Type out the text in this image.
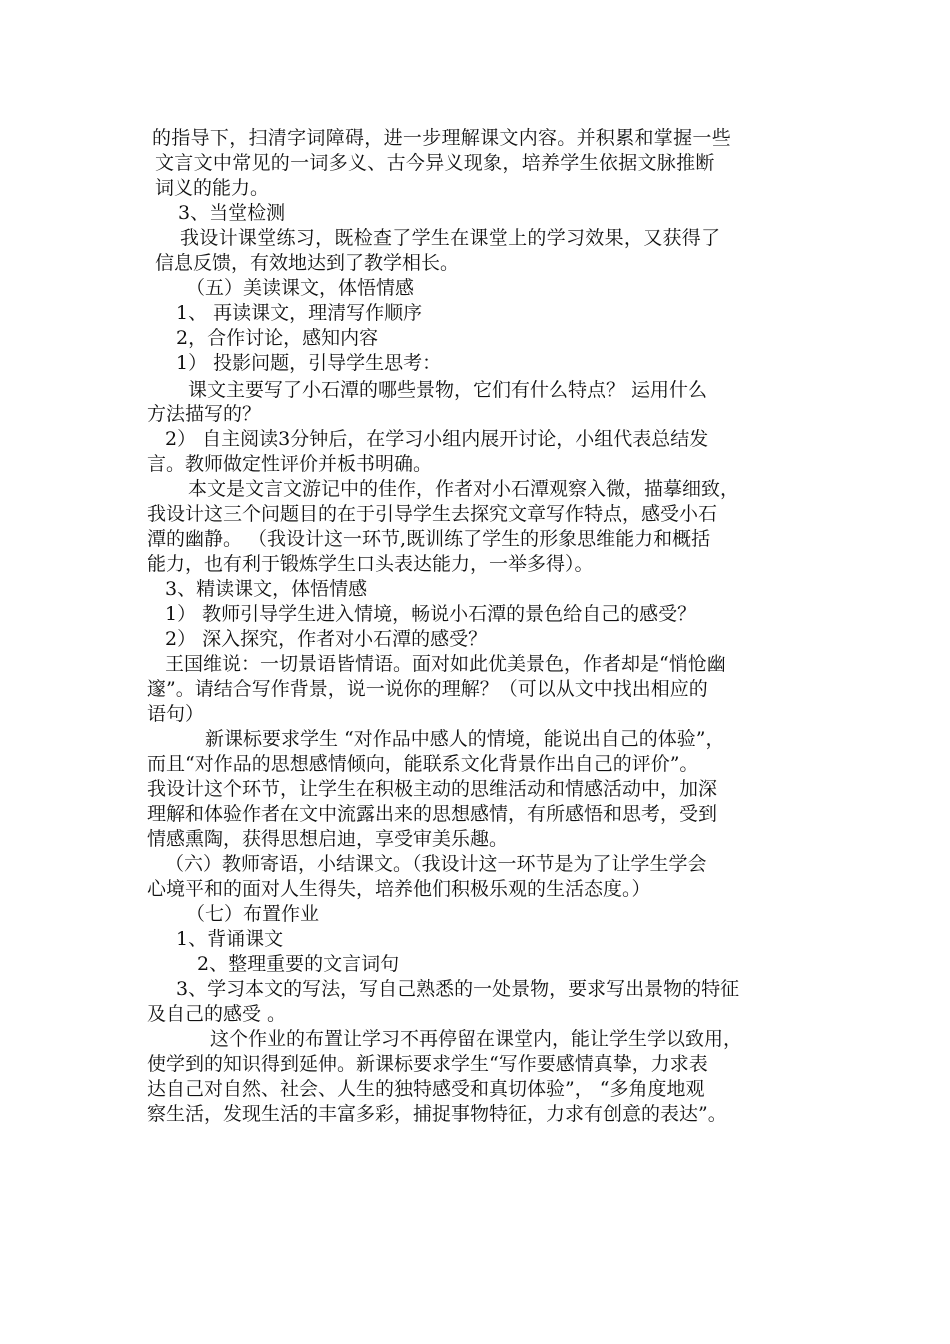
的指导下，扫清字词障碍，进一步理解课文内容。并积累和掌握一些
文言文中常见的一词多义、古今异义现象，培养学生依据文脉推断
词义的能力。
3、当堂检测
我设计课堂练习，既检查了学生在课堂上的学习效果，又获得了
信息反馈，有效地达到了教学相长。
（五）美读课文，体悟情感
1、 再读课文，理清写作顺序
2，合作讨论，感知内容
1） 投影问题，引导学生思考：
课文主要写了小石潭的哪些景物，它们有什么特点？ 运用什么
方法描写的？
2） 自主阅读3分钟后，在学习小组内展开讨论，小组代表总结发
言。教师做定性评价并板书明确。
本文是文言文游记中的佳作，作者对小石潭观察入微，描摹细致，
我设计这三个问题目的在于引导学生去探究文章写作特点，感受小石
潭的幽静。 （我设计这一环节,既训练了学生的形象思维能力和概括
能力，也有利于锻炼学生口头表达能力，一举多得）。
3、精读课文，体悟情感
1） 教师引导学生进入情境，畅说小石潭的景色给自己的感受？
2） 深入探究，作者对小石潭的感受？
王国维说：一切景语皆情语。面对如此优美景色，作者却是“悄怆幽
邃”。请结合写作背景，说一说你的理解？（可以从文中找出相应的
语句）
新课标要求学生 “对作品中感人的情境，能说出自己的体验”，
而且“对作品的思想感情倾向，能联系文化背景作出自己的评价”。
我设计这个环节，让学生在积极主动的思维活动和情感活动中，加深
理解和体验作者在文中流露出来的思想感情，有所感悟和思考，受到
情感熏陶，获得思想启迪，享受审美乐趣。
（六）教师寄语，小结课文。（我设计这一环节是为了让学生学会
心境平和的面对人生得失，培养他们积极乐观的生活态度。）
（七）布置作业
1、背诵课文
2、整理重要的文言词句
3、学习本文的写法，写自己熟悉的一处景物，要求写出景物的特征
及自己的感受 。
这个作业的布置让学习不再停留在课堂内，能让学生学以致用，
使学到的知识得到延伸。新课标要求学生“写作要感情真挚，力求表
达自己对自然、社会、人生的独特感受和真切体验”， “多角度地观
察生活，发现生活的丰富多彩，捕捉事物特征，力求有创意的表达”。
